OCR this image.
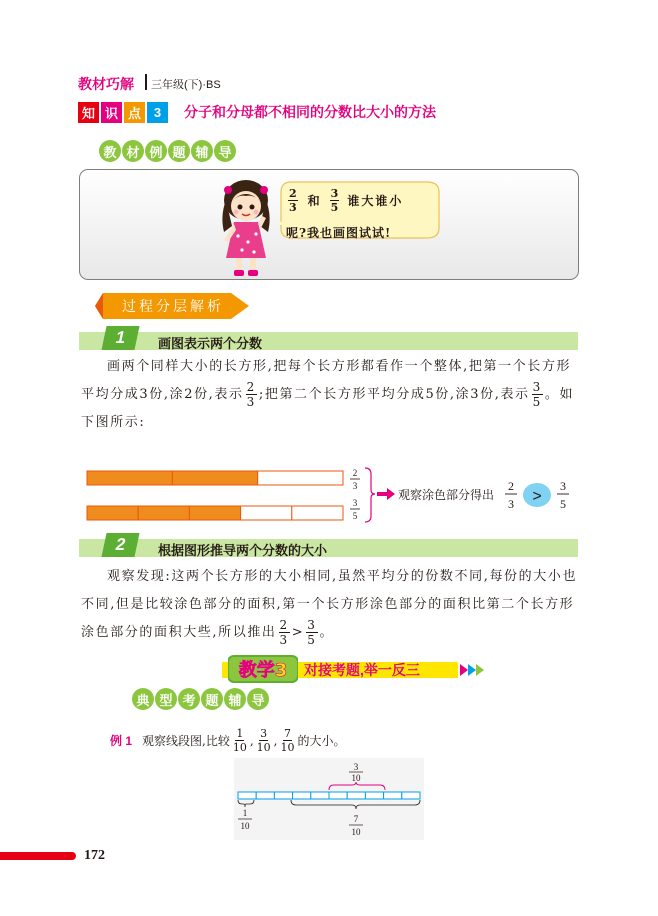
教材巧解 三年级(下)·BS
知 识 点 3	分子和分母都不相同的分数比大小的方法
教 材 例 题 辅 导
$\frac{2}{3}$ 和 $\frac{3}{5}$ 谁大谁小
呢?我也画图试试!
过程分层解析
1	画图表示两个分数
画两个同样大小的长方形,把每个长方形都看作一个整体,把第一个长方形平均分成3份,涂2份,表示 $\frac{2}{3}$ ;把第二个长方形平均分成5份,涂3份,表示 $\frac{3}{5}$ 。如下图所示:
2
3
3
5
观察涂色部分得出
2
3 >
3
5
2	根据图形推导两个分数的大小
观察发现:这两个长方形的大小相同,虽然平均分的份数不同,每份的大小也不同,但是比较涂色部分的面积,第一个长方形涂色部分的面积比第二个长方形涂色部分的面积大些,所以推出 $\frac{2}{3} > \frac{3}{5}$ 。
教学3 对接考题,举一反三
典 型 考 题 辅 导
例 1 观察线段图,比较 $\frac{1}{10}$ , $\frac{3}{10}$ , $\frac{7}{10}$ 的大小。
3
10
1
10
7
10
172
